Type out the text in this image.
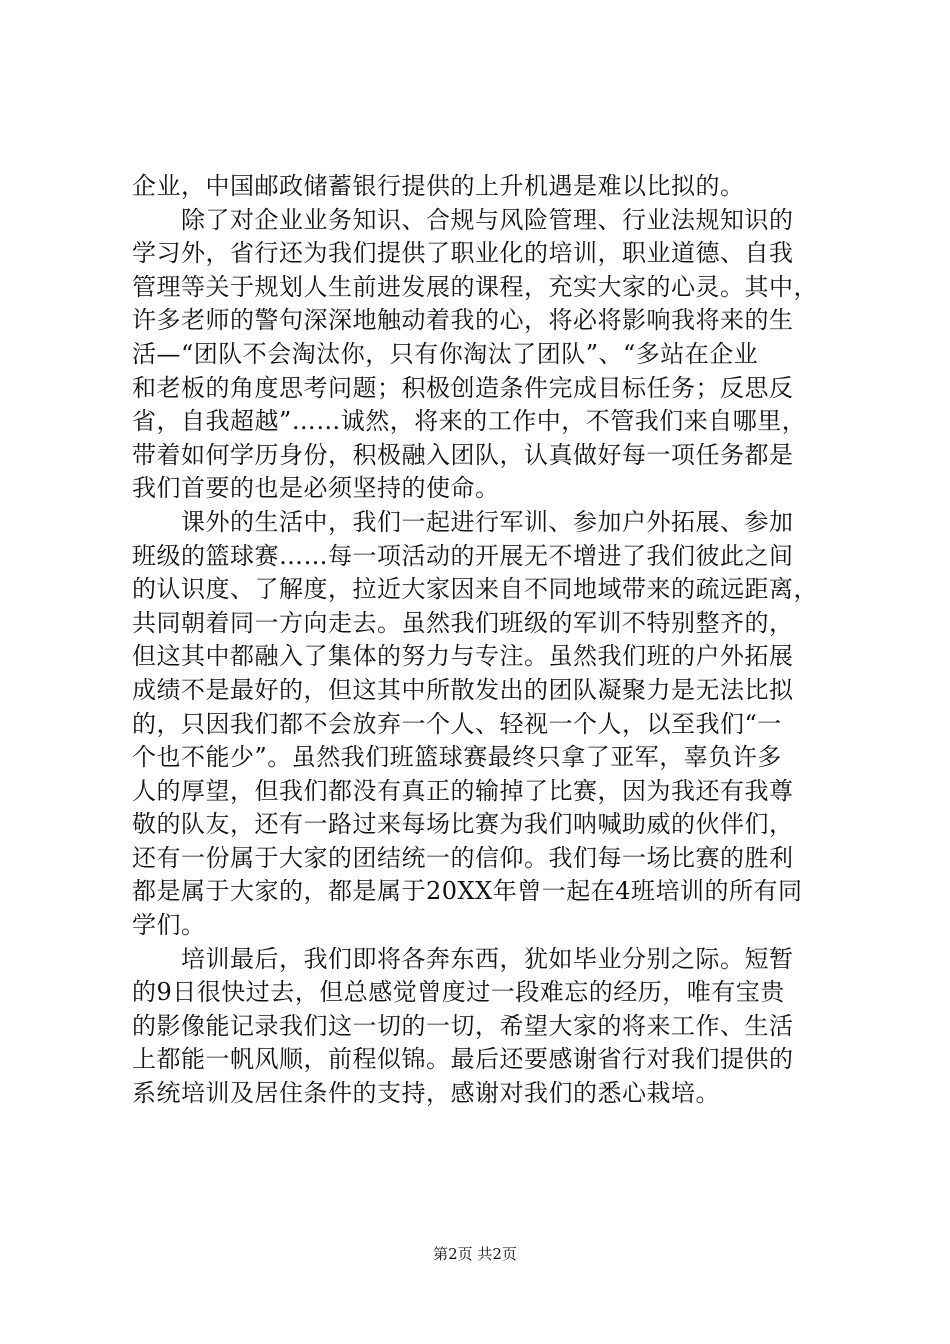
企业，中国邮政储蓄银行提供的上升机遇是难以比拟的。
　　除了对企业业务知识、合规与风险管理、行业法规知识的
学习外，省行还为我们提供了职业化的培训，职业道德、自我
管理等关于规划人生前进发展的课程，充实大家的心灵。其中，
许多老师的警句深深地触动着我的心，将必将影响我将来的生
活—“团队不会淘汰你，只有你淘汰了团队”、“多站在企业
和老板的角度思考问题；积极创造条件完成目标任务；反思反
省，自我超越”……诚然，将来的工作中，不管我们来自哪里，
带着如何学历身份，积极融入团队，认真做好每一项任务都是
我们首要的也是必须坚持的使命。
　　课外的生活中，我们一起进行军训、参加户外拓展、参加
班级的篮球赛……每一项活动的开展无不增进了我们彼此之间
的认识度、了解度，拉近大家因来自不同地域带来的疏远距离，
共同朝着同一方向走去。虽然我们班级的军训不特别整齐的，
但这其中都融入了集体的努力与专注。虽然我们班的户外拓展
成绩不是最好的，但这其中所散发出的团队凝聚力是无法比拟
的，只因我们都不会放弃一个人、轻视一个人，以至我们“一
个也不能少”。虽然我们班篮球赛最终只拿了亚军，辜负许多
人的厚望，但我们都没有真正的输掉了比赛，因为我还有我尊
敬的队友，还有一路过来每场比赛为我们呐喊助威的伙伴们，
还有一份属于大家的团结统一的信仰。我们每一场比赛的胜利
都是属于大家的，都是属于20XX年曾一起在4班培训的所有同
学们。
　　培训最后，我们即将各奔东西，犹如毕业分别之际。短暂
的9日很快过去，但总感觉曾度过一段难忘的经历，唯有宝贵
的影像能记录我们这一切的一切，希望大家的将来工作、生活
上都能一帆风顺，前程似锦。最后还要感谢省行对我们提供的
系统培训及居住条件的支持，感谢对我们的悉心栽培。
第2页 共2页
